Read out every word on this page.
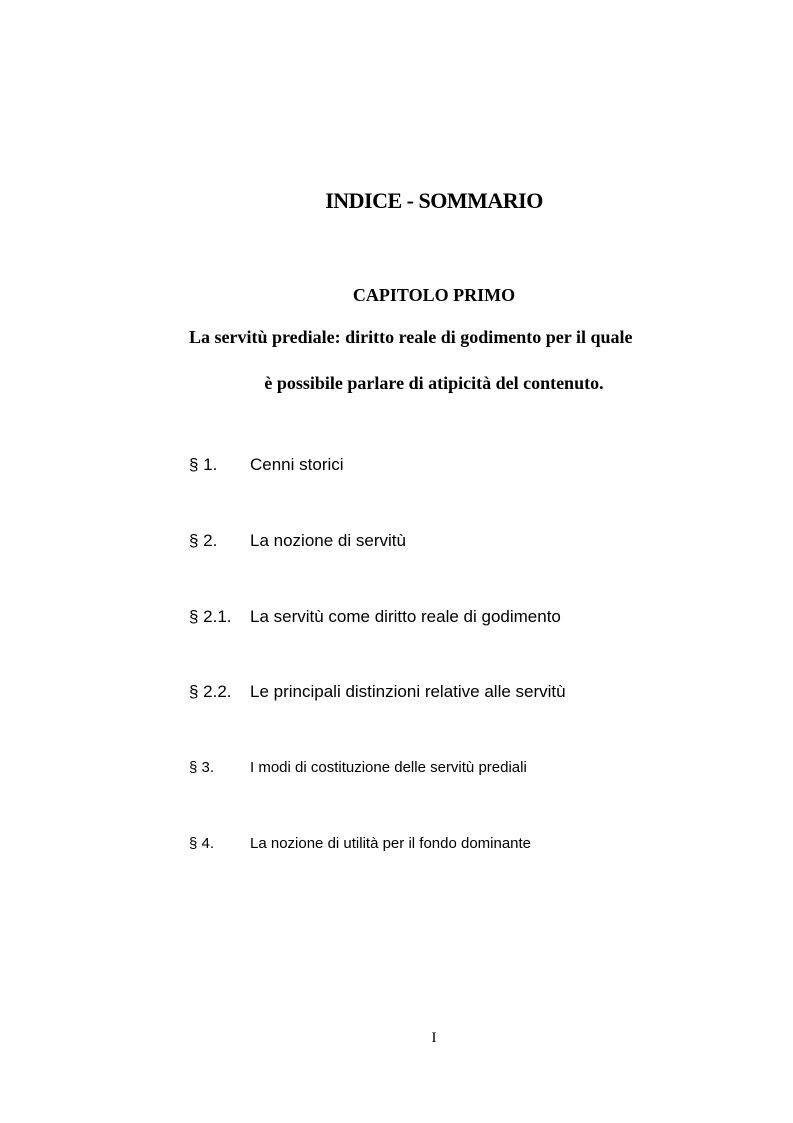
INDICE - SOMMARIO
CAPITOLO PRIMO
La servitù prediale: diritto reale di godimento per il quale
è possibile parlare di atipicità del contenuto.
§ 1. Cenni storici
§ 2. La nozione di servitù
§ 2.1. La servitù come diritto reale di godimento
§ 2.2. Le principali distinzioni relative alle servitù
§ 3. I modi di costituzione delle servitù prediali
§ 4. La nozione di utilità per il fondo dominante
I
